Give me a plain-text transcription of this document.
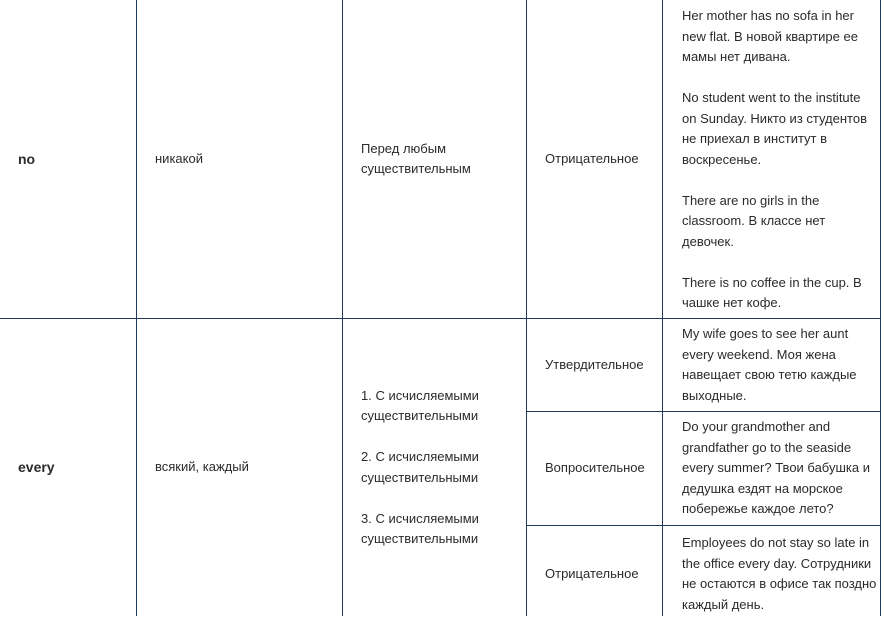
no	никакой
Перед любым существительным
Отрицательное

Her mother has no sofa in her new flat. В новой квартире ее мамы нет дивана.

No student went to the institute on Sunday. Никто из студентов не приехал в институт в воскресенье.

There are no girls in the classroom. В классе нет девочек.

There is no coffee in the cup. В чашке нет кофе.

every	всякий, каждый

1. С исчисляемыми существительными

2. С исчисляемыми существительными

3. С исчисляемыми существительными

Утвердительное
My wife goes to see her aunt every weekend. Моя жена навещает свою тетю каждые выходные.
Вопросительное
Do your grandmother and grandfather go to the seaside every summer? Твои бабушка и дедушка ездят на морское побережье каждое лето?
Отрицательное
Employees do not stay so late in the office every day. Сотрудники не остаются в офисе так поздно каждый день.
